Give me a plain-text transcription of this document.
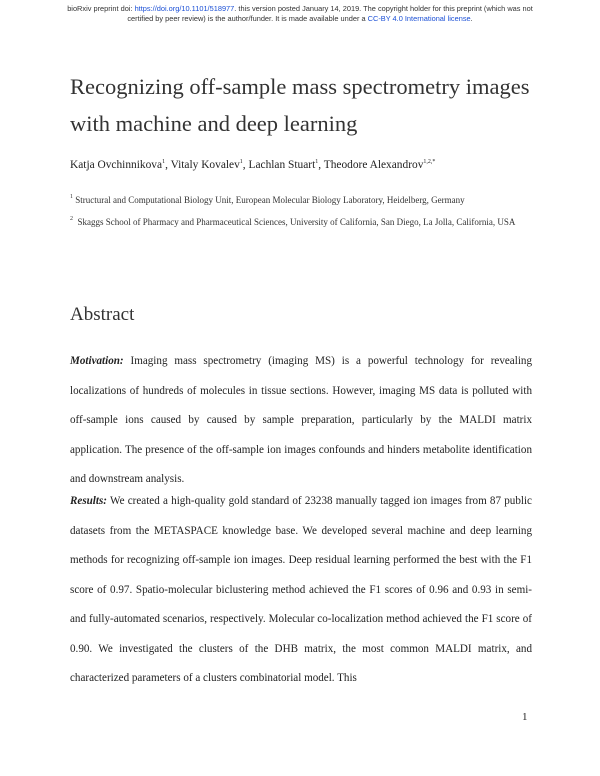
bioRxiv preprint doi: https://doi.org/10.1101/518977. this version posted January 14, 2019. The copyright holder for this preprint (which was not
certified by peer review) is the author/funder. It is made available under a CC-BY 4.0 International license.
Recognizing off-sample mass spectrometry images with machine and deep learning
Katja Ovchinnikova$^1$, Vitaly Kovalev$^1$, Lachlan Stuart$^1$, Theodore Alexandrov$^{1,2,*}$
$^1$ Structural and Computational Biology Unit, European Molecular Biology Laboratory, Heidelberg, Germany
$^2$ Skaggs School of Pharmacy and Pharmaceutical Sciences, University of California, San Diego, La Jolla, California, USA
Abstract

Motivation: Imaging mass spectrometry (imaging MS) is a powerful technology for revealing localizations of hundreds of molecules in tissue sections. However, imaging MS data is polluted with off-sample ions caused by caused by sample preparation, particularly by the MALDI matrix application. The presence of the off-sample ion images confounds and hinders metabolite identification and downstream analysis.

Results: We created a high-quality gold standard of 23238 manually tagged ion images from 87 public datasets from the METASPACE knowledge base. We developed several machine and deep learning methods for recognizing off-sample ion images. Deep residual learning performed the best with the F1 score of 0.97. Spatio-molecular biclustering method achieved the F1 scores of 0.96 and 0.93 in semi- and fully-automated scenarios, respectively. Molecular co-localization method achieved the F1 score of 0.90. We investigated the clusters of the DHB matrix, the most common MALDI matrix, and characterized parameters of a clusters combinatorial model. This

1
